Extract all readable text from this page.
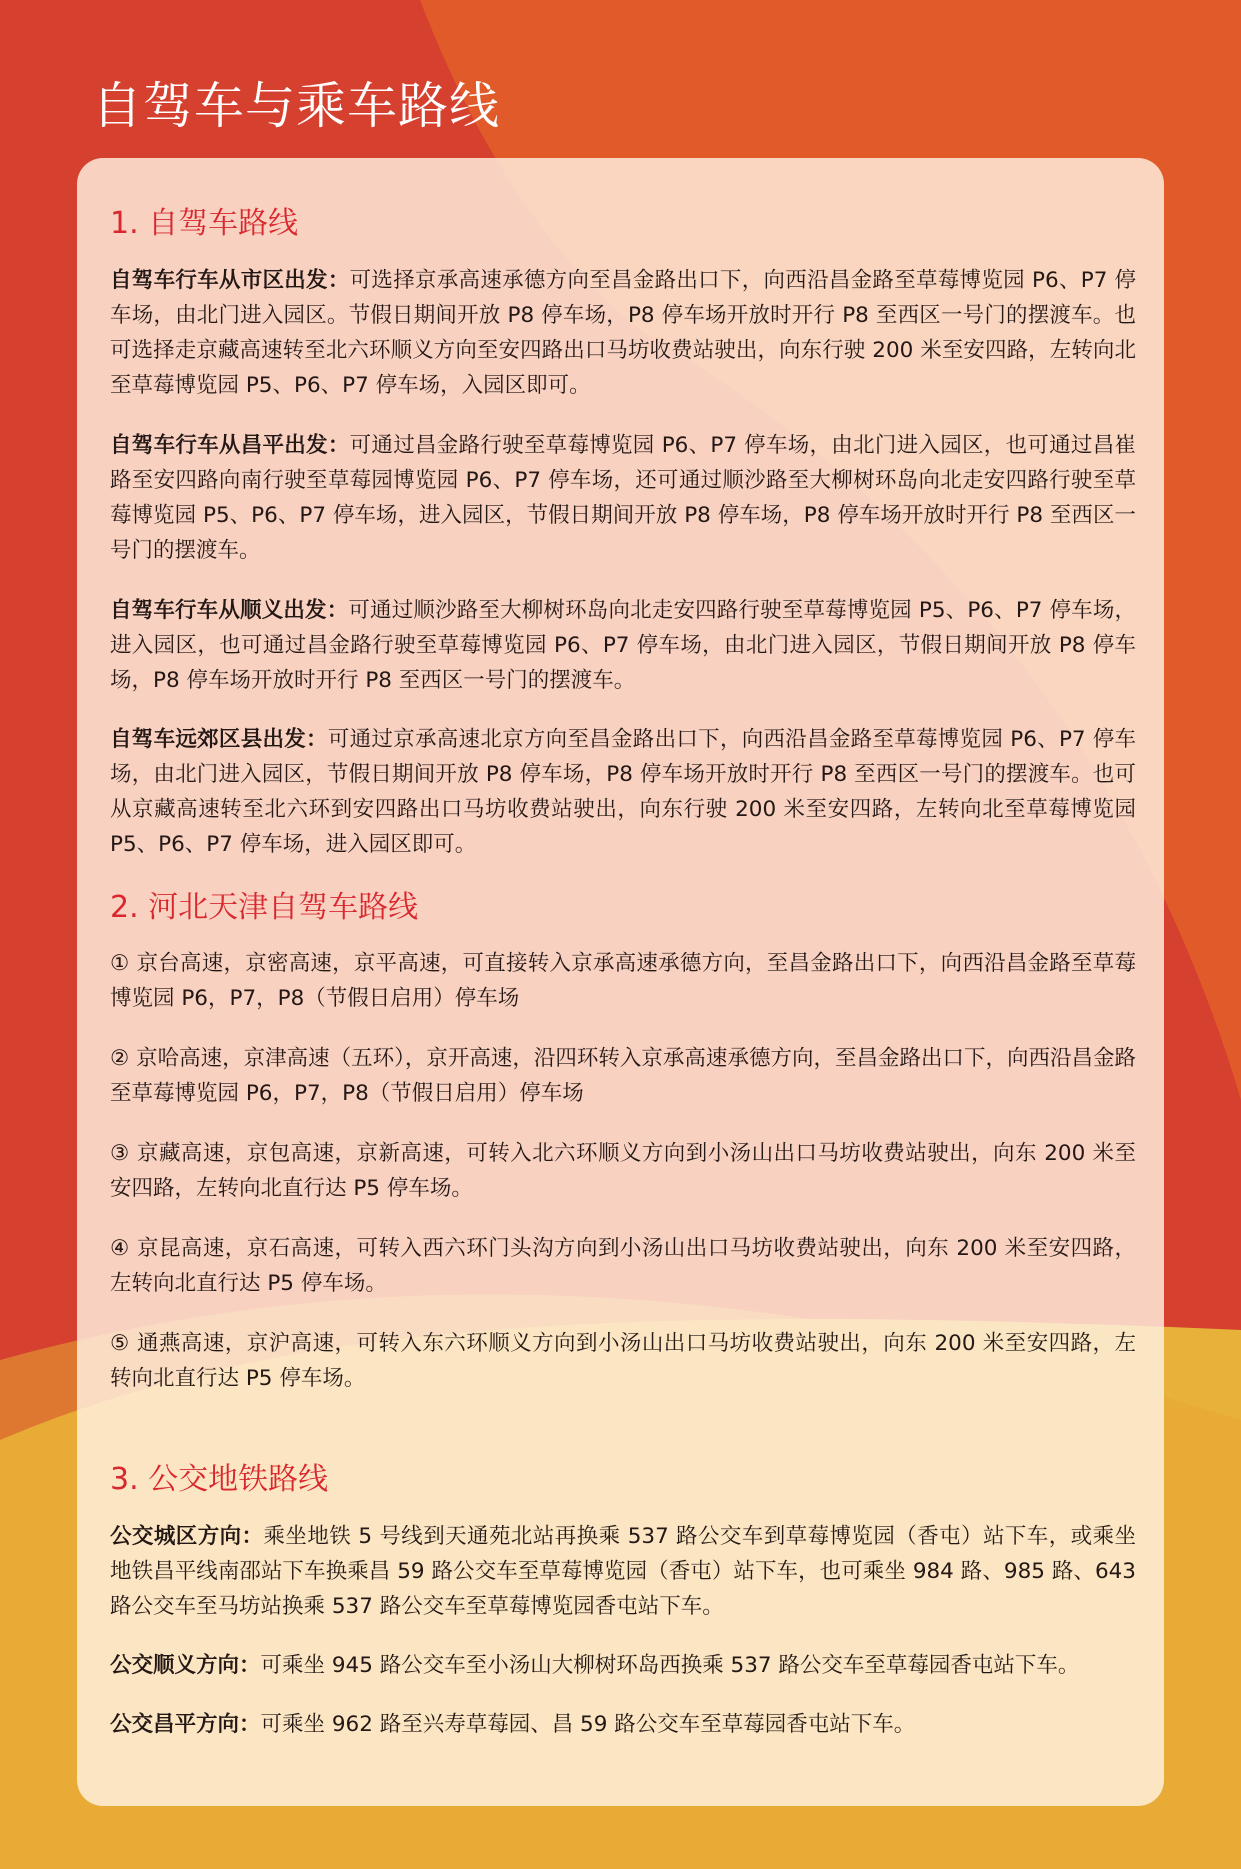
自驾车与乘车路线
1. 自驾车路线

自驾车行车从市区出发：可选择京承高速承德方向至昌金路出口下，向西沿昌金路至草莓博览园 P6、P7 停车场，由北门进入园区。节假日期间开放 P8 停车场，P8 停车场开放时开行 P8 至西区一号门的摆渡车。也可选择走京藏高速转至北六环顺义方向至安四路出口马坊收费站驶出，向东行驶 200 米至安四路，左转向北至草莓博览园 P5、P6、P7 停车场，入园区即可。

自驾车行车从昌平出发：可通过昌金路行驶至草莓博览园 P6、P7 停车场，由北门进入园区，也可通过昌崔路至安四路向南行驶至草莓园博览园 P6、P7 停车场，还可通过顺沙路至大柳树环岛向北走安四路行驶至草莓博览园 P5、P6、P7 停车场，进入园区，节假日期间开放 P8 停车场，P8 停车场开放时开行 P8 至西区一号门的摆渡车。

自驾车行车从顺义出发：可通过顺沙路至大柳树环岛向北走安四路行驶至草莓博览园 P5、P6、P7 停车场，进入园区，也可通过昌金路行驶至草莓博览园 P6、P7 停车场，由北门进入园区，节假日期间开放 P8 停车场，P8 停车场开放时开行 P8 至西区一号门的摆渡车。

自驾车远郊区县出发：可通过京承高速北京方向至昌金路出口下，向西沿昌金路至草莓博览园 P6、P7 停车场，由北门进入园区，节假日期间开放 P8 停车场，P8 停车场开放时开行 P8 至西区一号门的摆渡车。也可从京藏高速转至北六环到安四路出口马坊收费站驶出，向东行驶 200 米至安四路，左转向北至草莓博览园 P5、P6、P7 停车场，进入园区即可。

2. 河北天津自驾车路线

① 京台高速，京密高速，京平高速，可直接转入京承高速承德方向，至昌金路出口下，向西沿昌金路至草莓博览园 P6，P7，P8（节假日启用）停车场

② 京哈高速，京津高速（五环），京开高速，沿四环转入京承高速承德方向，至昌金路出口下，向西沿昌金路至草莓博览园 P6，P7，P8（节假日启用）停车场

③ 京藏高速，京包高速，京新高速，可转入北六环顺义方向到小汤山出口马坊收费站驶出，向东 200 米至安四路，左转向北直行达 P5 停车场。

④ 京昆高速，京石高速，可转入西六环门头沟方向到小汤山出口马坊收费站驶出，向东 200 米至安四路，左转向北直行达 P5 停车场。

⑤ 通燕高速，京沪高速，可转入东六环顺义方向到小汤山出口马坊收费站驶出，向东 200 米至安四路，左转向北直行达 P5 停车场。

3. 公交地铁路线

公交城区方向：乘坐地铁 5 号线到天通苑北站再换乘 537 路公交车到草莓博览园（香屯）站下车，或乘坐地铁昌平线南邵站下车换乘昌 59 路公交车至草莓博览园（香屯）站下车，也可乘坐 984 路、985 路、643 路公交车至马坊站换乘 537 路公交车至草莓博览园香屯站下车。

公交顺义方向：可乘坐 945 路公交车至小汤山大柳树环岛西换乘 537 路公交车至草莓园香屯站下车。

公交昌平方向：可乘坐 962 路至兴寿草莓园、昌 59 路公交车至草莓园香屯站下车。
